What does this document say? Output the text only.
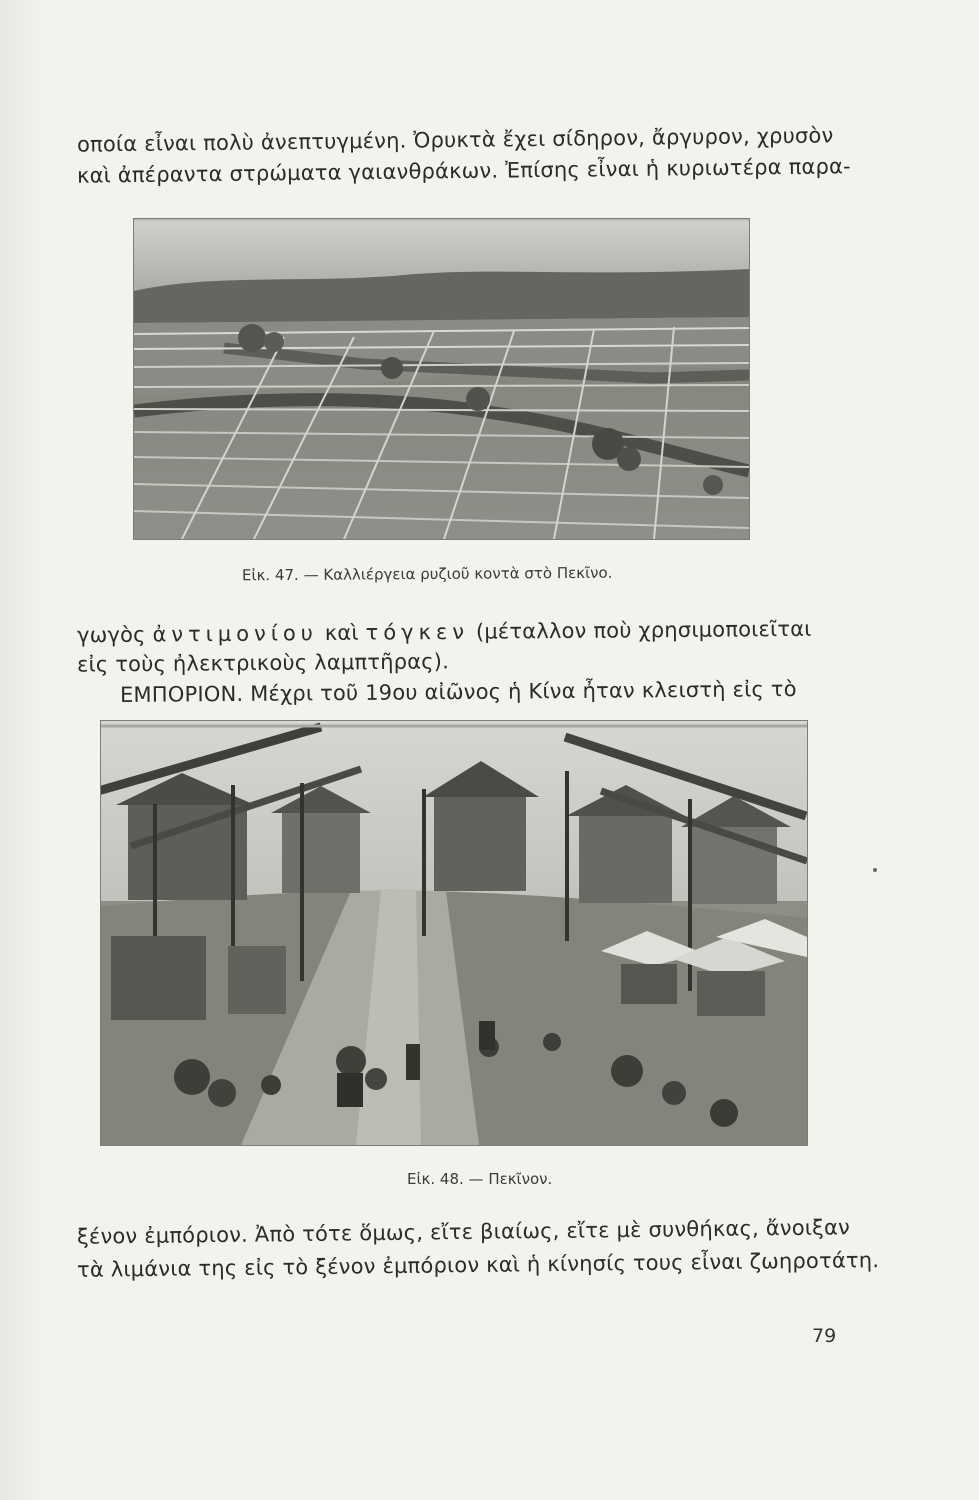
οποία εἶναι πολὺ ἀνεπτυγμένη. Ὀρυκτὰ ἔχει σίδηρον, ἄργυρον, χρυσὸν
καὶ ἀπέραντα στρώματα γαιανθράκων. Ἐπίσης εἶναι ἡ κυριωτέρα παρα-
Εἰκ. 47. — Καλλιέργεια ρυζιοῦ κοντὰ στὸ Πεκῖνο.
γωγὸς ἀντιμονίου καὶ τόγκεν (μέταλλον ποὺ χρησιμοποιεῖται
εἰς τοὺς ἠλεκτρικοὺς λαμπτῆρας).
ΕΜΠΟΡΙΟΝ. Μέχρι τοῦ 19ου αἰῶνος ἡ Κίνα ἦταν κλειστὴ εἰς τὸ
Εἰκ. 48. — Πεκῖνον.
ξένον ἐμπόριον. Ἀπὸ τότε ὅμως, εἴτε βιαίως, εἴτε μὲ συνθήκας, ἄνοιξαν
τὰ λιμάνια της εἰς τὸ ξένον ἐμπόριον καὶ ἡ κίνησίς τους εἶναι ζωηροτάτη.
79
